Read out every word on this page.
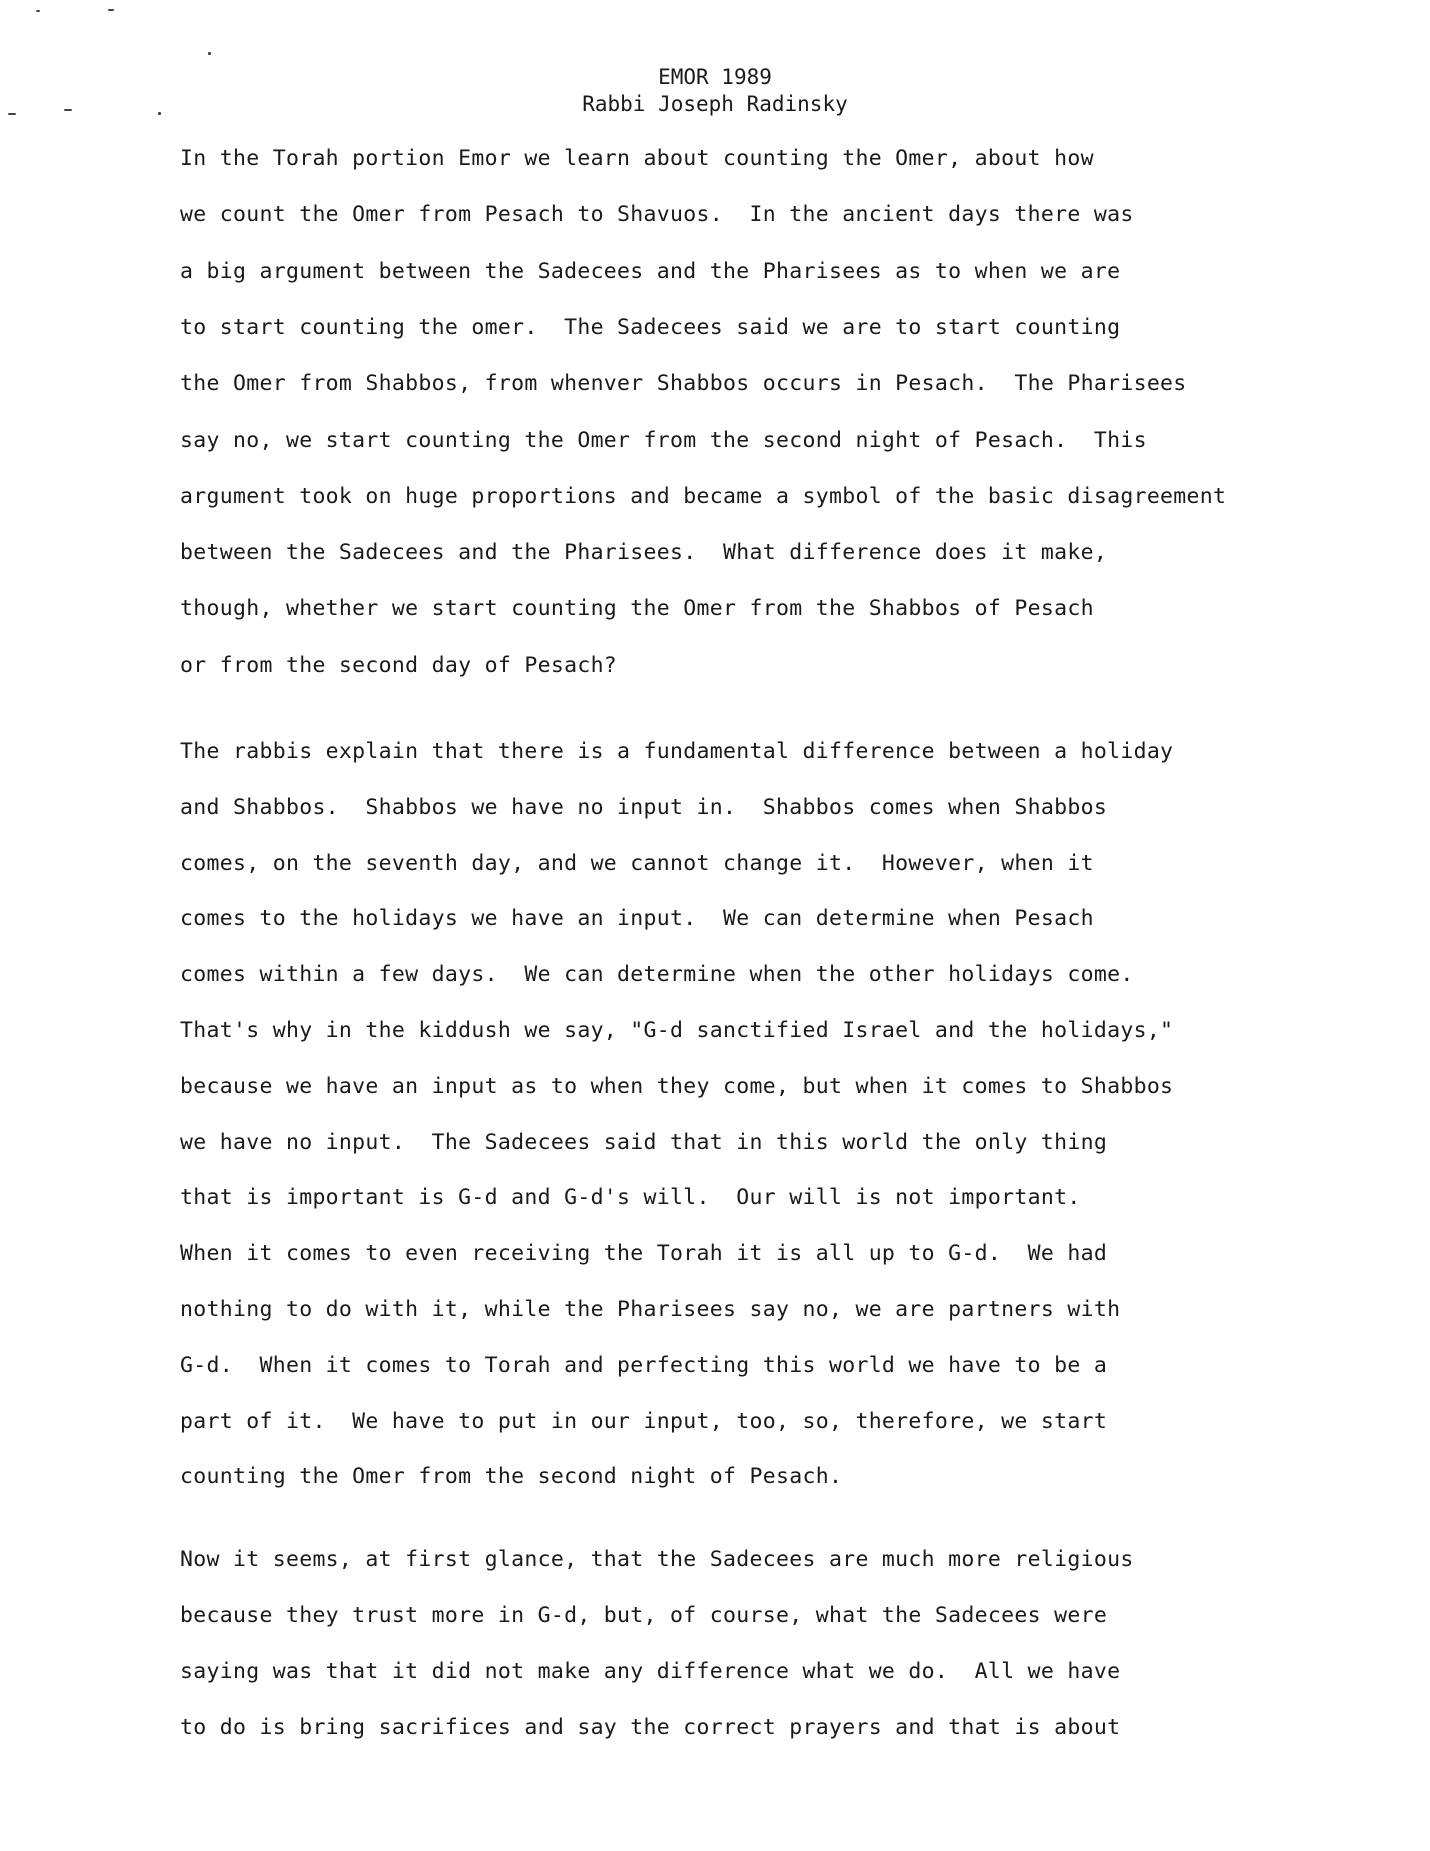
EMOR 1989
Rabbi Joseph Radinsky
In the Torah portion Emor we learn about counting the Omer, about how
we count the Omer from Pesach to Shavuos.  In the ancient days there was
a big argument between the Sadecees and the Pharisees as to when we are
to start counting the omer.  The Sadecees said we are to start counting
the Omer from Shabbos, from whenver Shabbos occurs in Pesach.  The Pharisees
say no, we start counting the Omer from the second night of Pesach.  This
argument took on huge proportions and became a symbol of the basic disagreement
between the Sadecees and the Pharisees.  What difference does it make,
though, whether we start counting the Omer from the Shabbos of Pesach
or from the second day of Pesach?
The rabbis explain that there is a fundamental difference between a holiday
and Shabbos.  Shabbos we have no input in.  Shabbos comes when Shabbos
comes, on the seventh day, and we cannot change it.  However, when it
comes to the holidays we have an input.  We can determine when Pesach
comes within a few days.  We can determine when the other holidays come.
That's why in the kiddush we say, "G-d sanctified Israel and the holidays,"
because we have an input as to when they come, but when it comes to Shabbos
we have no input.  The Sadecees said that in this world the only thing
that is important is G-d and G-d's will.  Our will is not important.
When it comes to even receiving the Torah it is all up to G-d.  We had
nothing to do with it, while the Pharisees say no, we are partners with
G-d.  When it comes to Torah and perfecting this world we have to be a
part of it.  We have to put in our input, too, so, therefore, we start
counting the Omer from the second night of Pesach.
Now it seems, at first glance, that the Sadecees are much more religious
because they trust more in G-d, but, of course, what the Sadecees were
saying was that it did not make any difference what we do.  All we have
to do is bring sacrifices and say the correct prayers and that is about
